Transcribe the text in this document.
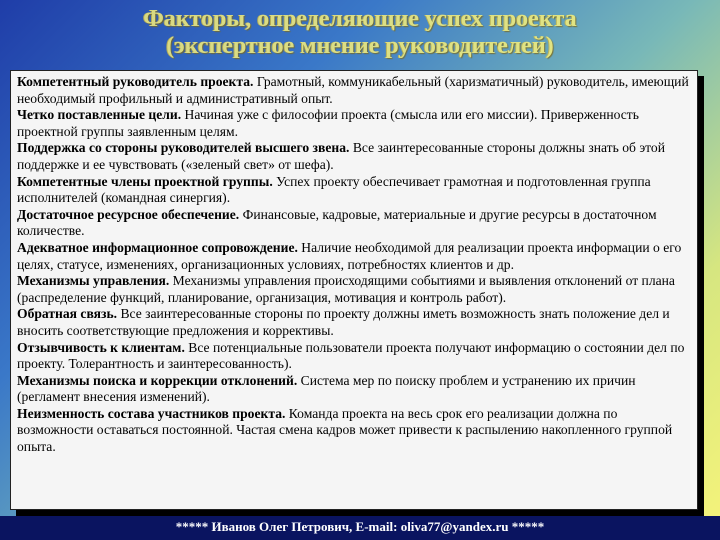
Факторы, определяющие успех проекта
(экспертное мнение руководителей)

Компетентный руководитель проекта. Грамотный, коммуникабельный (харизматичный) руководитель, имеющий необходимый профильный и административный опыт.

Четко поставленные цели. Начиная уже с философии проекта (смысла или его миссии). Приверженность проектной группы заявленным целям.

Поддержка со стороны руководителей высшего звена. Все заинтересованные стороны должны знать об этой поддержке и ее чувствовать («зеленый свет» от шефа).

Компетентные члены проектной группы. Успех проекту обеспечивает грамотная и подготовленная группа исполнителей (командная синергия).

Достаточное ресурсное обеспечение. Финансовые, кадровые, материальные и другие ресурсы в достаточном количестве.

Адекватное информационное сопровождение. Наличие необходимой для реализации проекта информации о его целях, статусе, изменениях, организационных условиях, потребностях клиентов и др.

Механизмы управления. Механизмы управления происходящими событиями и выявления отклонений от плана (распределение функций, планирование, организация, мотивация и контроль работ).

Обратная связь. Все заинтересованные стороны по проекту должны иметь возможность знать положение дел и вносить соответствующие предложения и коррективы.

Отзывчивость к клиентам. Все потенциальные пользователи проекта получают информацию о состоянии дел по проекту. Толерантность и заинтересованность).

Механизмы поиска и коррекции отклонений. Система мер по поиску проблем и устранению их причин (регламент внесения изменений).

Неизменность состава участников проекта. Команда проекта на весь срок его реализации должна по возможности оставаться постоянной. Частая смена кадров может привести к распылению накопленного группой опыта.

***** Иванов Олег Петрович, E-mail: oliva77@yandex.ru *****
